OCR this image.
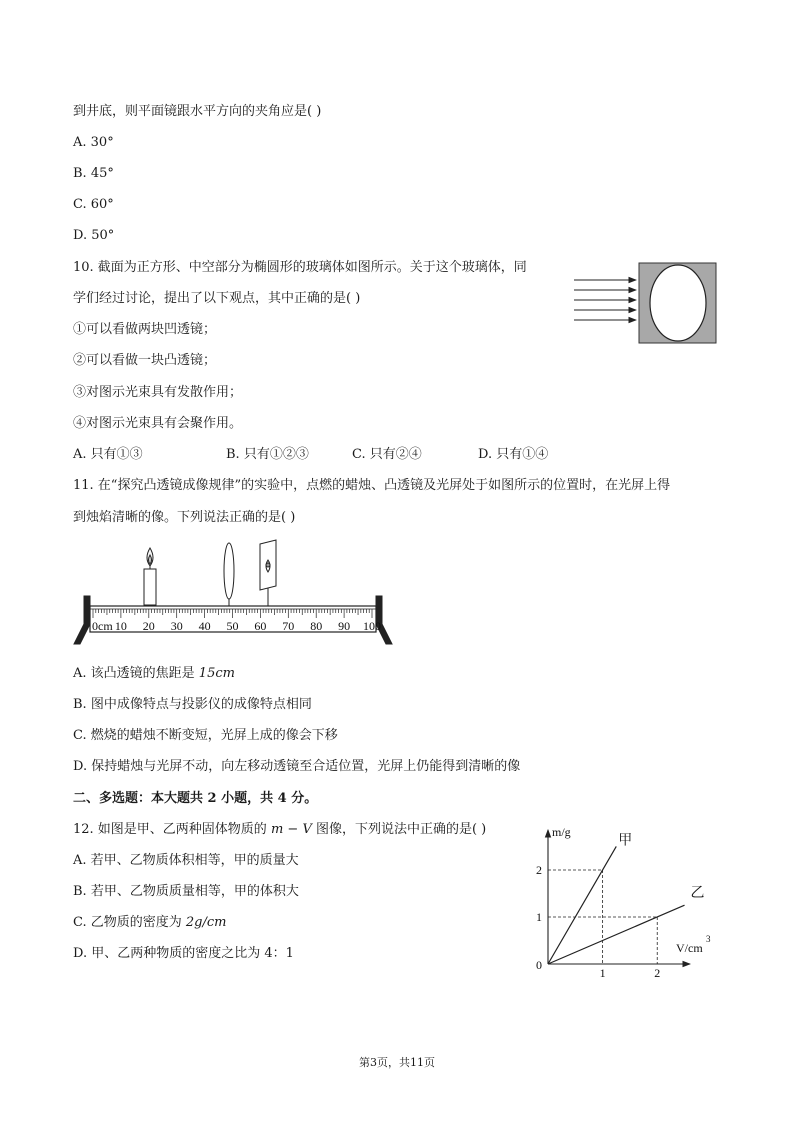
到井底，则平面镜跟水平方向的夹角应是( )
A. 30°
B. 45°
C. 60°
D. 50°
10. 截面为正方形、中空部分为椭圆形的玻璃体如图所示。关于这个玻璃体，同
学们经过讨论，提出了以下观点，其中正确的是( )
①可以看做两块凹透镜；
②可以看做一块凸透镜；
③对图示光束具有发散作用；
④对图示光束具有会聚作用。
A. 只有①③	B. 只有①②③	C. 只有②④	D. 只有①④
11. 在“探究凸透镜成像规律”的实验中，点燃的蜡烛、凸透镜及光屏处于如图所示的位置时，在光屏上得
到烛焰清晰的像。下列说法正确的是( )
0cm 10 20 30 40 50 60 70 80 90 100
A. 该凸透镜的焦距是 15cm
B. 图中成像特点与投影仪的成像特点相同
C. 燃烧的蜡烛不断变短，光屏上成的像会下移
D. 保持蜡烛与光屏不动，向左移动透镜至合适位置，光屏上仍能得到清晰的像
二、多选题：本大题共 2 小题，共 4 分。
12. 如图是甲、乙两种固体物质的 m − V 图像，下列说法中正确的是( )
A. 若甲、乙物质体积相等，甲的质量大
B. 若甲、乙物质质量相等，甲的体积大
C. 乙物质的密度为 2g/cm
D. 甲、乙两种物质的密度之比为 4：1
甲
乙
1	2
1
2
0
m/g
V/cm
3
第3页，共11页
